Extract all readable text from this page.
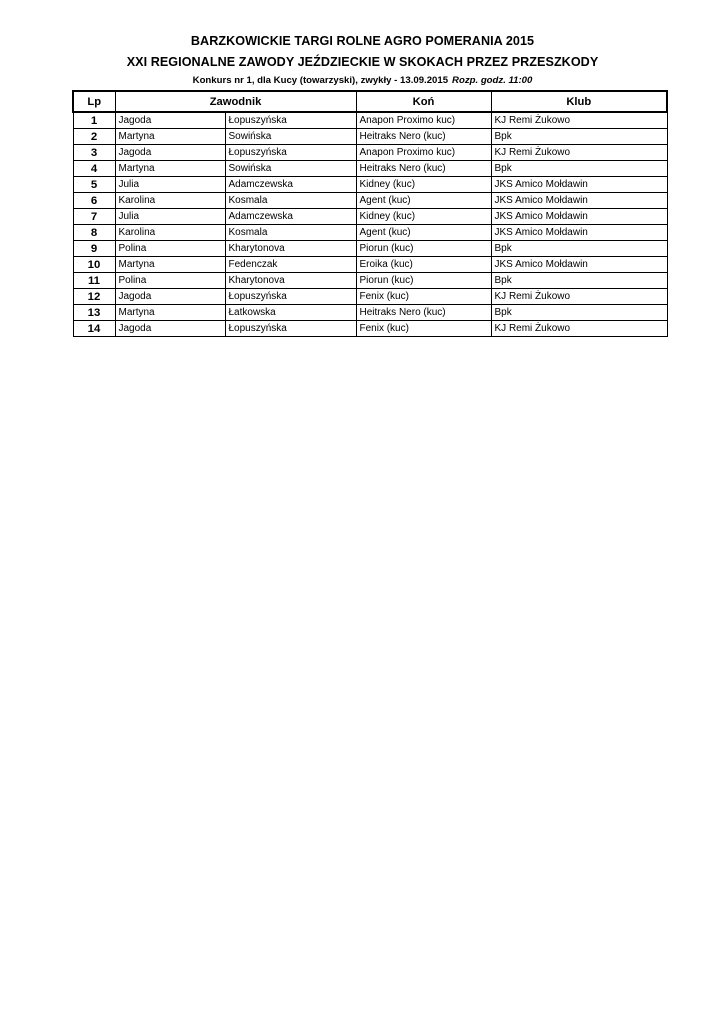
BARZKOWICKIE TARGI ROLNE AGRO POMERANIA 2015
XXI REGIONALNE ZAWODY JEŹDZIECKIE W SKOKACH PRZEZ PRZESZKODY
Konkurs nr 1, dla Kucy (towarzyski), zwykły - 13.09.2015 Rozp. godz. 11:00
Lp	Zawodnik		Koń	Klub
1	Jagoda	Łopuszyńska	Anapon Proximo kuc)	KJ Remi Żukowo
2	Martyna	Sowińska	Heitraks Nero (kuc)	Bpk
3	Jagoda	Łopuszyńska	Anapon Proximo kuc)	KJ Remi Żukowo
4	Martyna	Sowińska	Heitraks Nero (kuc)	Bpk
5	Julia	Adamczewska	Kidney (kuc)	JKS Amico Mołdawin
6	Karolina	Kosmala	Agent (kuc)	JKS Amico Mołdawin
7	Julia	Adamczewska	Kidney (kuc)	JKS Amico Mołdawin
8	Karolina	Kosmala	Agent (kuc)	JKS Amico Mołdawin
9	Polina	Kharytonova	Piorun (kuc)	Bpk
10	Martyna	Fedenczak	Eroika (kuc)	JKS Amico Mołdawin
11	Polina	Kharytonova	Piorun (kuc)	Bpk
12	Jagoda	Łopuszyńska	Fenix (kuc)	KJ Remi Żukowo
13	Martyna	Łatkowska	Heitraks Nero (kuc)	Bpk
14	Jagoda	Łopuszyńska	Fenix (kuc)	KJ Remi Żukowo
